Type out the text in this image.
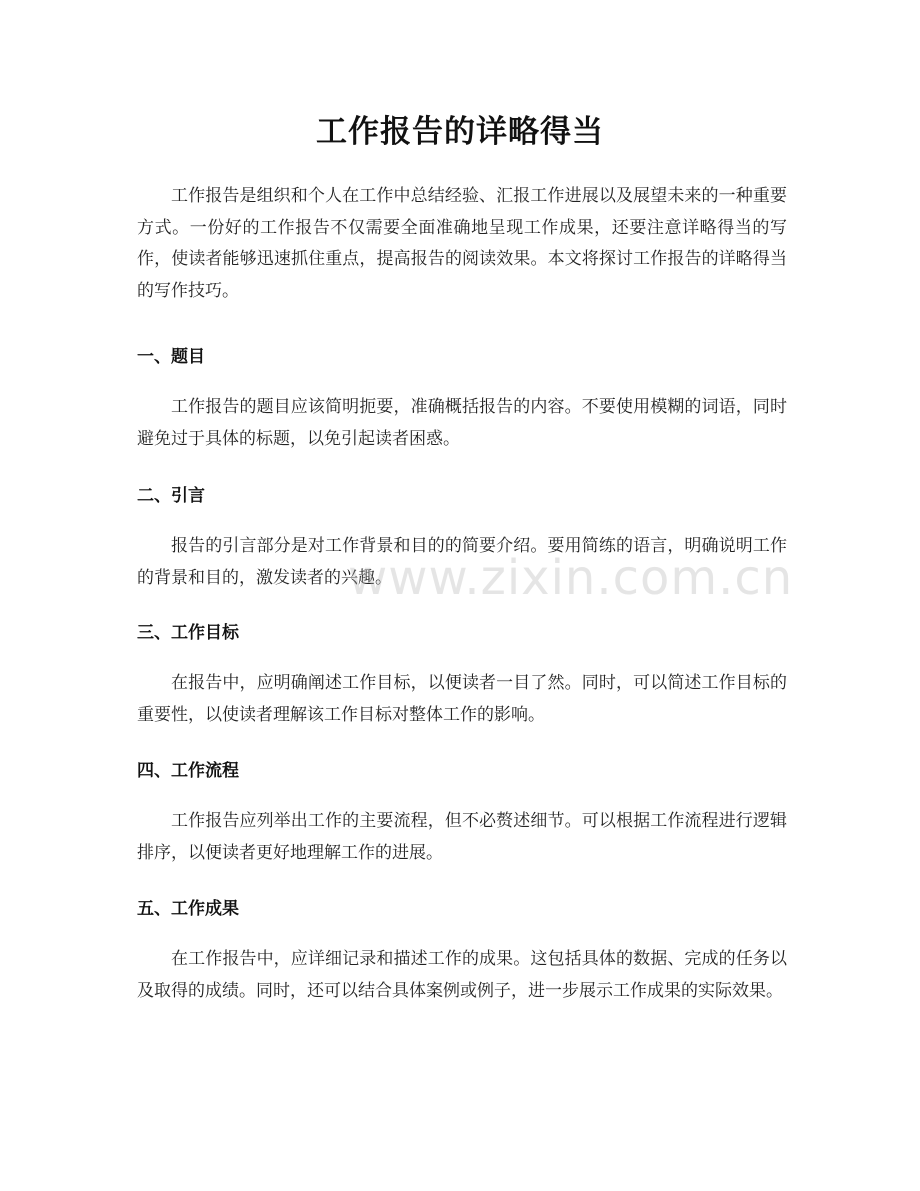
工作报告的详略得当

工作报告是组织和个人在工作中总结经验、汇报工作进展以及展望未来的一种重要方式。一份好的工作报告不仅需要全面准确地呈现工作成果，还要注意详略得当的写作，使读者能够迅速抓住重点，提高报告的阅读效果。本文将探讨工作报告的详略得当的写作技巧。

一、题目

工作报告的题目应该简明扼要，准确概括报告的内容。不要使用模糊的词语，同时避免过于具体的标题，以免引起读者困惑。

二、引言

报告的引言部分是对工作背景和目的的简要介绍。要用简练的语言，明确说明工作的背景和目的，激发读者的兴趣。

三、工作目标

在报告中，应明确阐述工作目标，以便读者一目了然。同时，可以简述工作目标的重要性，以使读者理解该工作目标对整体工作的影响。

四、工作流程

工作报告应列举出工作的主要流程，但不必赘述细节。可以根据工作流程进行逻辑排序，以便读者更好地理解工作的进展。

五、工作成果

在工作报告中，应详细记录和描述工作的成果。这包括具体的数据、完成的任务以及取得的成绩。同时，还可以结合具体案例或例子，进一步展示工作成果的实际效果。

www.zixin.com.cn
